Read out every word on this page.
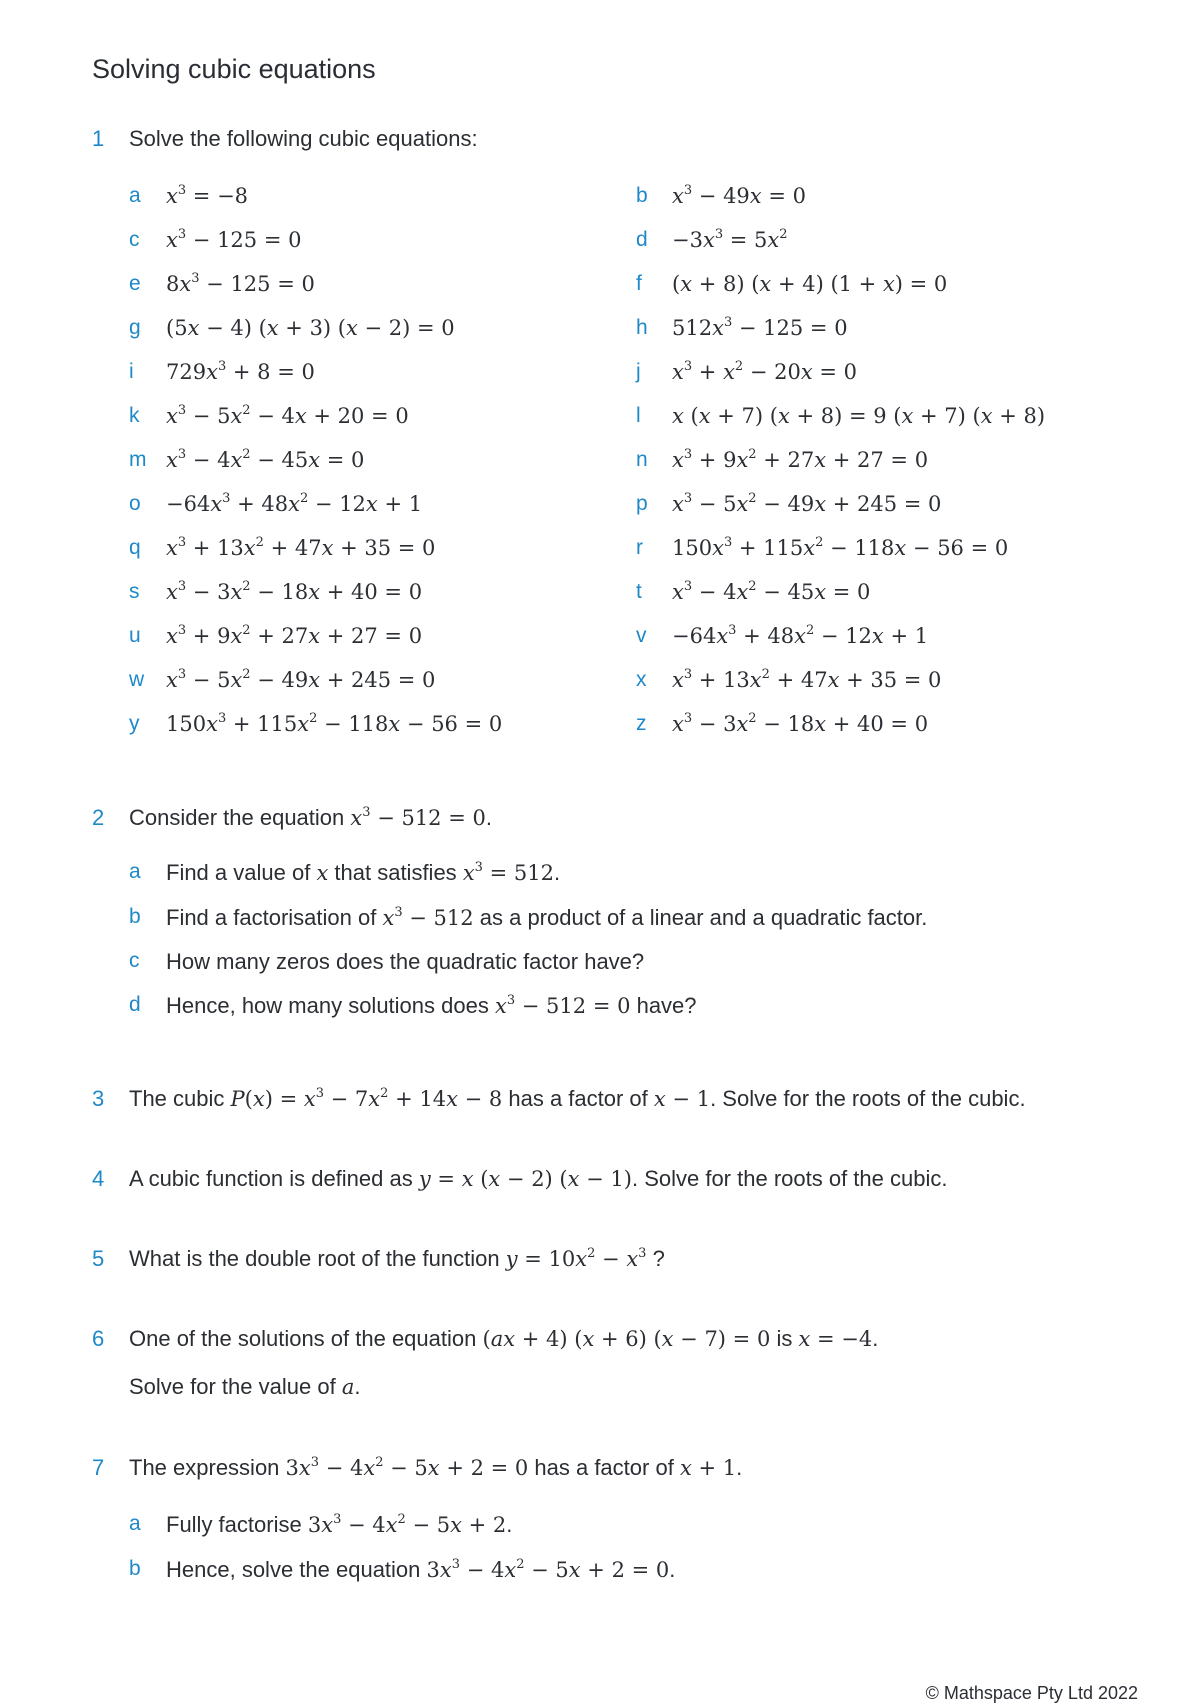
Solving cubic equations
1 Solve the following cubic equations:
a $x^3 = -8$	b $x^3 - 49x = 0$
c $x^3 - 125 = 0$	$d -3x^3 = 5x^2$
e $8x^3 - 125 = 0$	f (x + 8) (x + 4) (1 + x) = 0
g (5x − 4) (x + 3) (x − 2) = 0	h $512x^3 - 125 = 0$
i $729x^3 + 8 = 0$	j $x^3 + x^2 - 20x = 0$
k $x^3 - 5x^2 - 4x + 20 = 0$	l x (x + 7) (x + 8) = 9 (x + 7) (x + 8)
m $x^3 - 4x^2 - 45x = 0$	n $x^3 + 9x^2 + 27x + 27 = 0$
$o -64x^3 + 48x^2 - 12x + 1$	p $x^3 - 5x^2 - 49x + 245 = 0$
q $x^3 + 13x^2 + 47x + 35 = 0$	r $150x^3 + 115x^2 - 118x - 56 = 0$
s $x^3 - 3x^2 - 18x + 40 = 0$	t $x^3 - 4x^2 - 45x = 0$
u $x^3 + 9x^2 + 27x + 27 = 0$	$v -64x^3 + 48x^2 - 12x + 1$
w $x^3 - 5x^2 - 49x + 245 = 0$	x $x^3 + 13x^2 + 47x + 35 = 0$
y $150x^3 + 115x^2 - 118x - 56 = 0$	z $x^3 - 3x^2 - 18x + 40 = 0$
2 Consider the equation $x^3 - 512 = 0$.
a Find a value of x that satisfies $x^3 = 512$.
b Find a factorisation of $x^3 - 512$ as a product of a linear and a quadratic factor.
c How many zeros does the quadratic factor have?
d Hence, how many solutions does $x^3 - 512 = 0$ have?
3 The cubic $P(x) = x^3 - 7x^2 + 14x - 8$ has a factor of x − 1. Solve for the roots of the cubic.
4 A cubic function is defined as y = x (x − 2) (x − 1). Solve for the roots of the cubic.
5 What is the double root of the function $y = 10x^2 - x^3$ ?
6 One of the solutions of the equation (ax + 4) (x + 6) (x − 7) = 0 is x = −4.
Solve for the value of a.
7 The expression $3x^3 - 4x^2 - 5x + 2 = 0$ has a factor of x + 1.
a Fully factorise $3x^3 - 4x^2 - 5x + 2$.
b Hence, solve the equation $3x^3 - 4x^2 - 5x + 2 = 0$.
© Mathspace Pty Ltd 2022
